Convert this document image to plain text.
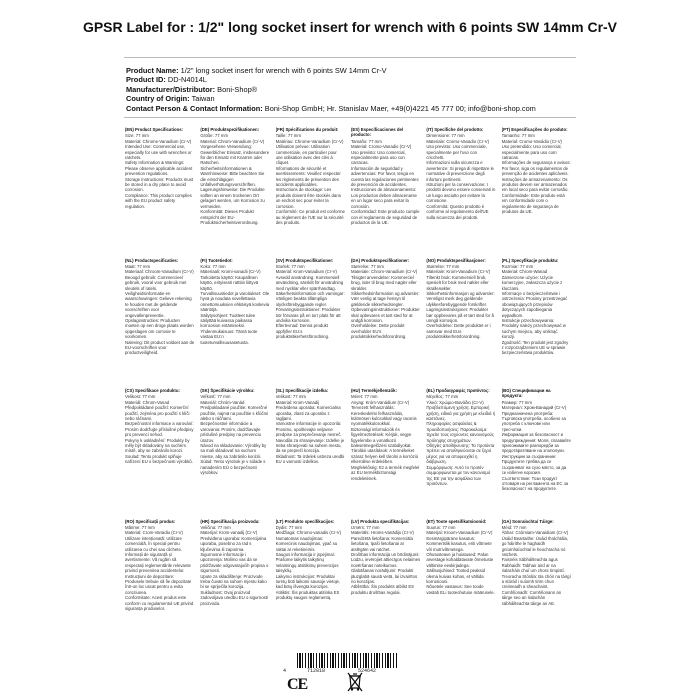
GPSR Label for : 1/2" long socket insert for wrench with 6 points SW 14mm Cr-V
Product Name: 1/2" long socket insert for wrench with 6 points SW 14mm Cr-V
Product ID: DD-N4014L
Manufacturer/Distributor: Boni-Shop®
Country of Origin: Taiwan
Contact Person & Contact Information: Boni-Shop GmbH; Hr. Stanislav Maer, +49(0)4221 45 777 00; info@boni-shop.com
(EN) Product Specifications:
Size: 77 mm
Material: Chrome-Vanadium (Cr-V)
Intended Use: Commercial use, especially for use with wrenches or ratchets.
Safety Information & Warnings: Please observe applicable accident prevention regulations.
Storage Instructions: Products must be stored in a dry place to avoid corrosion.
Compliance: This product complies with the EU product safety regulation.
(DE) Produktspezifikationen:
Größe: 77 mm
Material: Chrom-Vanadium (Cr-V)
Vorgesehene Verwendung: Gewerblicher Einsatz, insbesondere für den Einsatz mit Knarren oder Ratschen.
Sicherheitsinformationen & Warnhinweise: Bitte beachten Sie die einschlägigen Unfallverhütungsvorschriften.
Lagerungshinweise: Die Produkte sollten an einem trockenen Ort gelagert werden, um Korrosion zu vermeiden.
Konformität: Dieses Produkt entspricht der EU-Produktsicherheitsverordnung.
(FR) Spécifications du produit:
Taille: 77 mm
Matériau: Chrome-Vanadium (Cr-V)
Utilisation prévue: Utilisation commerciale, en particulier pour une utilisation avec des clés à cliquet.
Informations de sécurité et avertissements: Veuillez respecter les règlements de prévention des accidents applicables.
Instructions de stockage: Les produits doivent être stockés dans un endroit sec pour éviter la corrosion.
Conformité: Ce produit est conforme au règlement de l'UE sur la sécurité des produits.
(ES) Especificaciones del producto:
Tamaño: 77 mm
Material: Cromo-Vanadio (Cr-V)
Uso previsto: Uso comercial, especialmente para uso con carracas.
Información de seguridad y advertencias: Por favor, tenga en cuenta las regulaciones pertinentes de prevención de accidentes.
Instrucciones de almacenamiento: Los productos deben almacenarse en un lugar seco para evitar la corrosión.
Conformidad: Este producto cumple con el reglamento de seguridad de productos de la UE.
(IT) Specifiche del prodotto:
Dimensione: 77 mm
Materiale: Cromo-Vanadio (Cr-V)
Uso previsto: Uso commerciale, specialmente per l'uso con cricchetti.
Informazioni sulla sicurezza e avvertenze: Si prega di rispettare le normative di prevenzione degli infortuni pertinenti.
Istruzioni per la conservazione: I prodotti devono essere conservati in un luogo asciutto per evitare la corrosione.
Conformità: Questo prodotto è conforme al regolamento dell'UE sulla sicurezza dei prodotti.
(PT) Especificações do produto:
Tamanho: 77 mm
Material: Cromo-Vanádio (Cr-V)
Uso pretendido: Uso comercial, especialmente para uso com catracas.
Informações de segurança e avisos: Por favor, siga os regulamentos de prevenção de acidentes aplicáveis.
Instruções de armazenamento: Os produtos devem ser armazenados em local seco para evitar corrosão.
Conformidade: Este produto está em conformidade com o regulamento de segurança de produtos da UE.
(NL) Productspecificaties:
Maat: 77 mm
Materiaal: Chroom-Vanadium (Cr-V)
Beoogd gebruik: Commercieel gebruik, vooral voor gebruik met sleutels of ratels.
Veiligheidsinformatie en waarschuwingen: Gelieve rekening te houden met de geldende voorschriften voor ongevallenpreventie.
Opslaginstructies: Producten moeten op een droge plaats worden opgeslagen om corrosie te voorkomen.
Naleving: Dit product voldoet aan de EU-voorschriften voor productveiligheid.
(FI) Tuotetiedot:
Koko: 77 mm
Materiaali: Kromi-vanadii (Cr-V)
Tarkoitettu käyttö: Kaupallinen käyttö, erityisesti ratttiin liittyvä käyttö.
Turvallisuustiedot ja varoitukset: Ole hyvä ja noudata sovellettavia onnettomuuksien ehkäisyä koskevia sääntöjä.
Säilytysohjeet: Tuotteet tulee säilyttää kuivassa paikassa korroosion estämiseksi.
Yhdenmukaisuus: Tämä tuote vastaa EU:n tuoteturvallisuusasetusta.
(SV) Produktspecifikationer:
Storlek: 77 mm
Material: Krom-Vanadium (Cr-V)
Avsedd användning: Kommersiell användning, särskilt för användning med nycklar eller spärrhandtag.
Säkerhetsinformation och varningar: Vänligen beakta tillämpliga olycksförebyggande regler.
Förvaringsinstruktioner: Produkter bör förvaras på en torr plats för att undvika korrosion.
Efterlevnad: Denna produkt uppfyller EU:s produktsäkerhetsförordning.
(DA) Produktspecifikationer:
Størrelse: 77 mm
Materiale: Chrom-Vanadium (Cr-V)
Tilsigtet anvendelse: Kommerciel brug, især til brug med nøgler eller skralder.
Sikkerhedsinformation og advarsler: Vær venlig at tage hensyn til gældende sikkerhedsregler.
Opbevaringsinstruktioner: Produkter skal opbevares et tørt sted for at undgå korrosion.
Overholdelse: Dette produkt overholder EU's produktsikkerhedsforordning.
(NO) Produktspesifikasjoner:
Størrelse: 77 mm
Materiale: Krom-Vanadium (Cr-V)
Tiltenkt bruk: Kommersiell bruk, spesielt for bruk med nøkler eller skrallenøkler.
Sikkerhetsinformasjon og advarsler: Vennligst merk deg gjeldende ulykkesforebyggende forskrifter.
Lagringsinstruksjoner: Produkter bør oppbevares på et tørt sted for å unngå korrosjon.
Overholdelse: Dette produktet er i samsvar med EUs produktsikkerhetsforordning.
(PL) Specyfikacje produktu:
Rozmiar: 77 mm
Materiał: Chrom-Wanad
Zamierzone użycie: Użycie komercyjne, zwłaszcza użycie z kluczami.
Informacje o bezpieczeństwie i ostrzeżenia: Prosimy przestrzegać obowiązujących przepisów dotyczących zapobiegania wypadkom.
Instrukcje przechowywania: Produkty należy przechowywać w suchym miejscu, aby uniknąć korozji.
Zgodność: Ten produkt jest zgodny z rozporządzeniem UE w sprawie bezpieczeństwa produktów.
(CS) Specifikace produktu:
Velikost: 77 mm
Materiál: Chrom-Vanad
Předpokládané použití: Komerční použití, zejména pro použití s klíči nebo ráčnami.
Bezpečnostní informace a varování: Prosím dodržujte příslušné předpisy pro prevenci nehod.
Pokyny k uskladnění: Produkty by měly být skladovány na suchém místě, aby se zabránilo korozi.
Soulad: Tento produkt splňuje nařízení EU o bezpečnosti výrobků.
(SK) Špecifikácie výrobku:
Veľkosť: 77 mm
Materiál: Chróm-Vanád
Predpokladané použitie: Komerčné použitie, najmä na použitie s kľúčmi alebo s ráčňami.
Bezpečnostné informácie a varovania: Prosím, dodržiavajte príslušné predpisy na prevenciu úrazov.
Návod na skladovanie: Výrobky by sa mali skladovať na suchom mieste, aby sa zabránilo korózii.
Súlad: Tento výrobok je v súlade s nariadením EÚ o bezpečnosti výrobkov.
(SL) Specifikacije izdelka:
Velikost: 77 mm
Material: Krom-Vanadij
Predvidena uporaba: Komercialna uporaba, zlasti za uporabo z ragljami.
Varnostne informacije in opozorila: Prosimo, upoštevajte veljavne predpise za preprečevanje nesreč.
Navodila za shranjevanje: Izdelke je treba shranjevati na suhem mestu, da se prepreči korozija.
Skladnost: Ta izdelek ustreza uredbi EU o varnosti izdelkov.
(HU) Termékjellemzők:
Méret: 77 mm
Anyag: Króm-Vanádium (Cr-V)
Tervezett felhasználás: Kereskedelmi felhasználás, különösen kulcsokkal vagy racsnis nyomatékkulcsokkal.
Biztonsági információk és figyelmeztetések: Kérjük, vegye figyelembe a vonatkozó balesetmegelőzési szabályokat.
Tárolási utasítások: A termékeket száraz helyen kell tárolni a korrózió elkerülése érdekében.
Megfelelőség: Ez a termék megfelel az EU termékbiztonsági rendeletének.
(EL) Προδιαγραφές προϊόντος:
Μέγεθος: 77 mm
Υλικό: Χρώμιο-Βανάδιο (Cr-V)
Προβλεπόμενη χρήση: Εμπορική χρήση, ειδικά για χρήση με κλειδιά ή καστάνιες.
Πληροφορίες ασφαλείας & προειδοποιήσεις: Παρακαλούμε τηρείτε τους ισχύοντες κανονισμούς πρόληψης ατυχημάτων.
Οδηγίες αποθήκευσης: Τα προϊόντα πρέπει να αποθηκεύονται σε ξηρό μέρος για να αποφευχθεί η διάβρωση.
Συμμόρφωση: Αυτό το προϊόν συμμορφώνεται με τον κανονισμό της ΕΕ για την ασφάλεια των προϊόντων.
(BG) Спецификации на продукта:
Размер: 77 mm
Материал: Хром-Ванадий (Cr-V)
Предназначена употреба: Търговска употреба, особено за употреба с ключове или тресчотки.
Информация за безопасност и предупреждения: Моля, спазвайте приложимите разпоредби за предотвратяване на злополуки.
Инструкции за съхранение: Продуктите трябва да се съхраняват на сухо място, за да се избегне корозия.
Съответствие: Този продукт отговаря на регламента на ЕС за безопасност на продуктите.
(RO) Specificații produs:
Mărime: 77 mm
Material: Crom-Vanadiu (Cr-V)
Utilizare intenționată: Utilizare comercială, în special pentru utilizarea cu chei sau clichete.
Informații de siguranță și avertismente: Vă rugăm să respectați reglementările relevante privind prevenirea accidentelor.
Instrucțiuni de depozitare: Produsele trebuie să fie depozitate într-un loc uscat pentru a evita coroziunea.
Conformitate: Acest produs este conform cu regulamentul UE privind siguranța produselor.
(HR) Specifikacija proizvoda:
Veličina: 77 mm
Materijal: Krom-vanadij (Cr-V)
Predviđena uporaba: Komercijalna uporaba, posebno za rad s ključevima ili zaporima.
Sigurnosne informacije i upozorenja: Molimo vas da se pridržavate odgovarajućih propisa o sigurnosti.
Upute za skladištenje: Proizvode treba čuvati na suhom mjestu kako bi se spriječila korozija.
Sukladnost: Ovaj proizvod zadovoljava uredbu EU o sigurnosti proizvoda.
(LT) Produkto specifikacijos:
Dydis: 77 mm
Medžiaga: Chromo-vanadis (Cr-V)
Numatomas naudojimas: Komercinis naudojimas, ypač su raktai ar reketinėmis.
Saugos informacija ir įspėjimai: Prašome laikytis taikytinų nelaimingų atsitikimų prevencijos taisyklių.
Laikymo instrukcijos: Produktai turėtų būti laikomi sausoje vietoje, kad būtų išvengta korozijos.
Atitiktis: Šis produktas atitinka ES produktų saugos reglamentą.
(LV) Produkta specifikācijas:
Izmērs: 77 mm
Materiāls: Hroms-Vanādijs (Cr-V)
Paredzētā lietošana: Komerciāla lietošana, īpaši lietošanai ar atslēgām vai ratchet.
Drošības informācija un brīdinājumi: Lūdzu, ievērojiet attiecīgos nelaimes novēršanas noteikumus.
Glabāšanas norādījumi: Produkti jāuzglabā sausā vietā, lai izvairītos no korozijas.
Atbilstība: Šis produkts atbilst ES produktu drošības regulai.
(ET) Toote spetsifikatsioonid:
Suurus: 77 mm
Materjal: Kroom-Vanaadium (Cr-V)
Eesmärgipärane kasutus: Kommertslik kasutus, eriti võtmete või mutrivõtmetega.
Ohutusteave ja hoiatused: Palun arvestage kohaldatavate õnnetuste vältimise eeskirjadega.
Säilitusjuhised: Tooted peaksid olema kuivas kohas, et vältida korrosiooni.
Nõuetele vastavus: See toode vastab ELi tooteohutuse määrusele.
(GA) Sonraíochtaí Táirge:
Méid: 77 mm
Ábhar: Cróimiam-Vanaidiam (Cr-V)
Úsáid Beartaithe: Úsáid thráchtála, go háirithe le haghaidh gníomhaíochtaí le heochracha nó ratchets.
Faisnéis Sábháilteachta agus Rabhaidh: Tabhair aird ar na rialacháin chuí um chosc timpistí.
Treoracha Stórála: Ba chóir na táirgí a stóráil i suíomh tirim chun creimeadh a sheachaint.
Comhlíonadh: Comhlíonann an táirge seo an rialachán sábháilteachta táirge an AE.
4	712818	524642
CE
